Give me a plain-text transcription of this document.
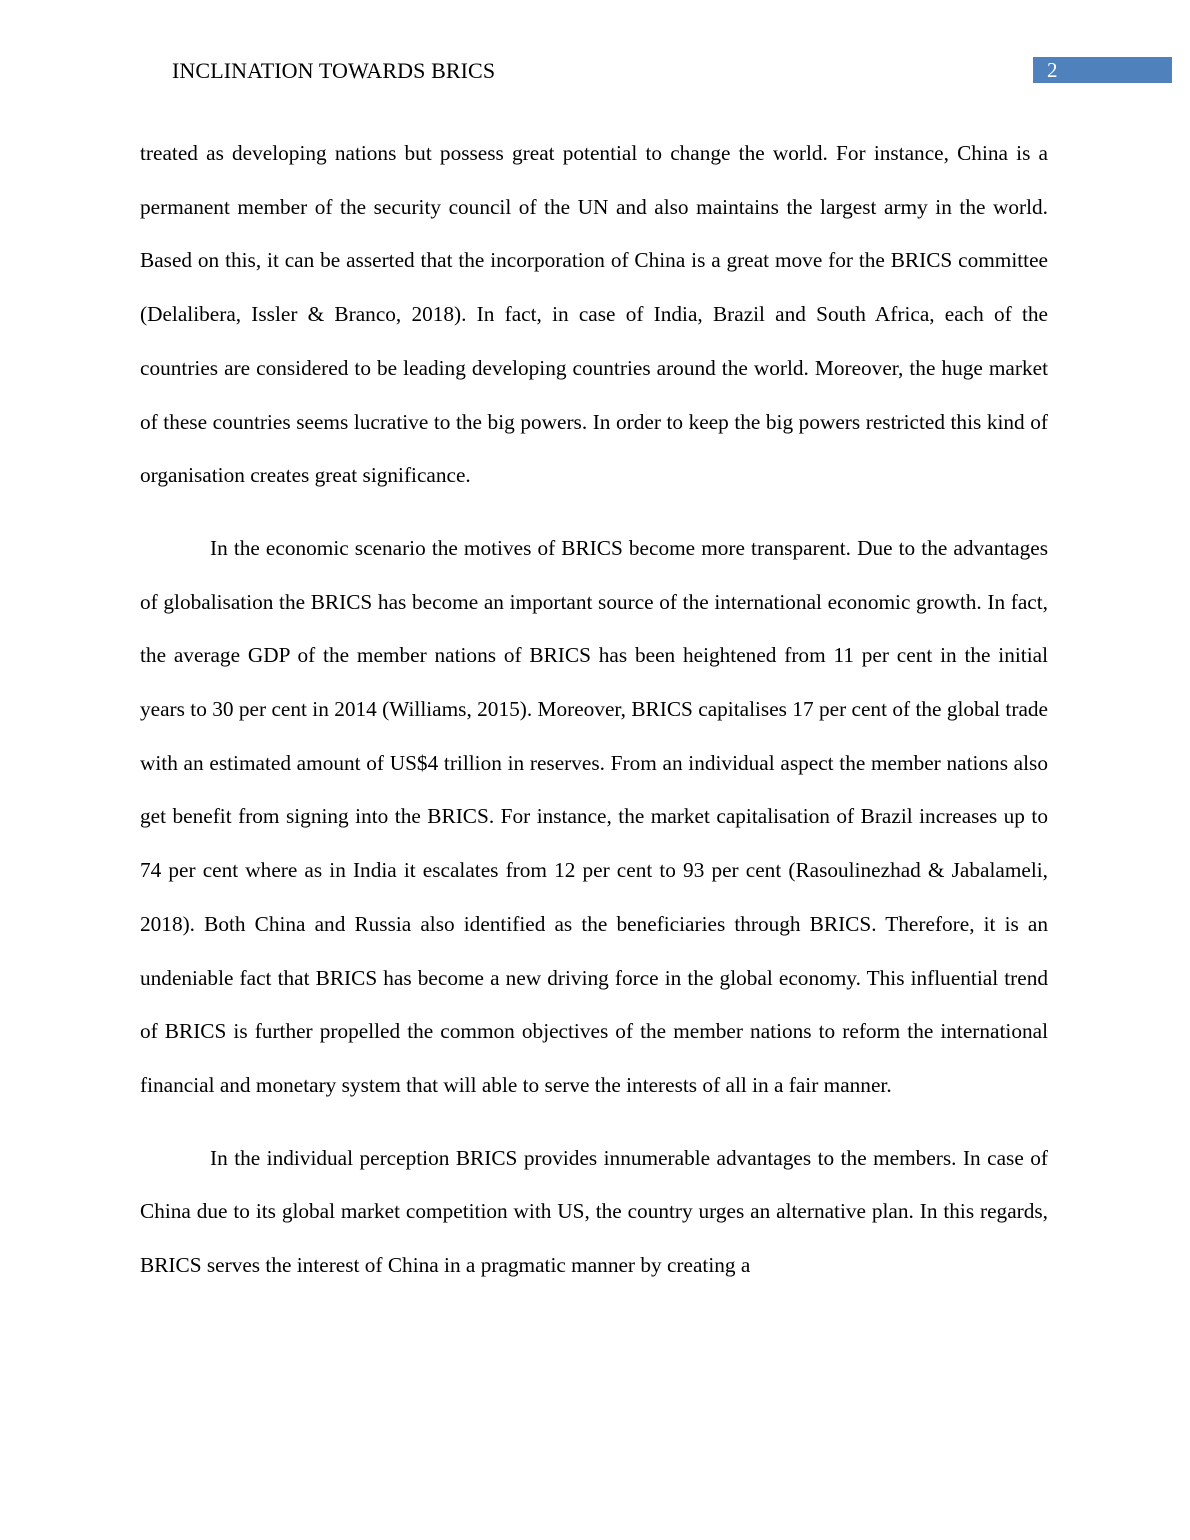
INCLINATION TOWARDS BRICS	2

treated as developing nations but possess great potential to change the world. For instance, China is a permanent member of the security council of the UN and also maintains the largest army in the world. Based on this, it can be asserted that the incorporation of China is a great move for the BRICS committee (Delalibera, Issler & Branco, 2018). In fact, in case of India, Brazil and South Africa, each of the countries are considered to be leading developing countries around the world. Moreover, the huge market of these countries seems lucrative to the big powers. In order to keep the big powers restricted this kind of organisation creates great significance.

In the economic scenario the motives of BRICS become more transparent. Due to the advantages of globalisation the BRICS has become an important source of the international economic growth. In fact, the average GDP of the member nations of BRICS has been heightened from 11 per cent in the initial years to 30 per cent in 2014 (Williams, 2015). Moreover, BRICS capitalises 17 per cent of the global trade with an estimated amount of US$4 trillion in reserves. From an individual aspect the member nations also get benefit from signing into the BRICS. For instance, the market capitalisation of Brazil increases up to 74 per cent where as in India it escalates from 12 per cent to 93 per cent (Rasoulinezhad & Jabalameli, 2018). Both China and Russia also identified as the beneficiaries through BRICS. Therefore, it is an undeniable fact that BRICS has become a new driving force in the global economy. This influential trend of BRICS is further propelled the common objectives of the member nations to reform the international financial and monetary system that will able to serve the interests of all in a fair manner.

In the individual perception BRICS provides innumerable advantages to the members. In case of China due to its global market competition with US, the country urges an alternative plan. In this regards, BRICS serves the interest of China in a pragmatic manner by creating a
